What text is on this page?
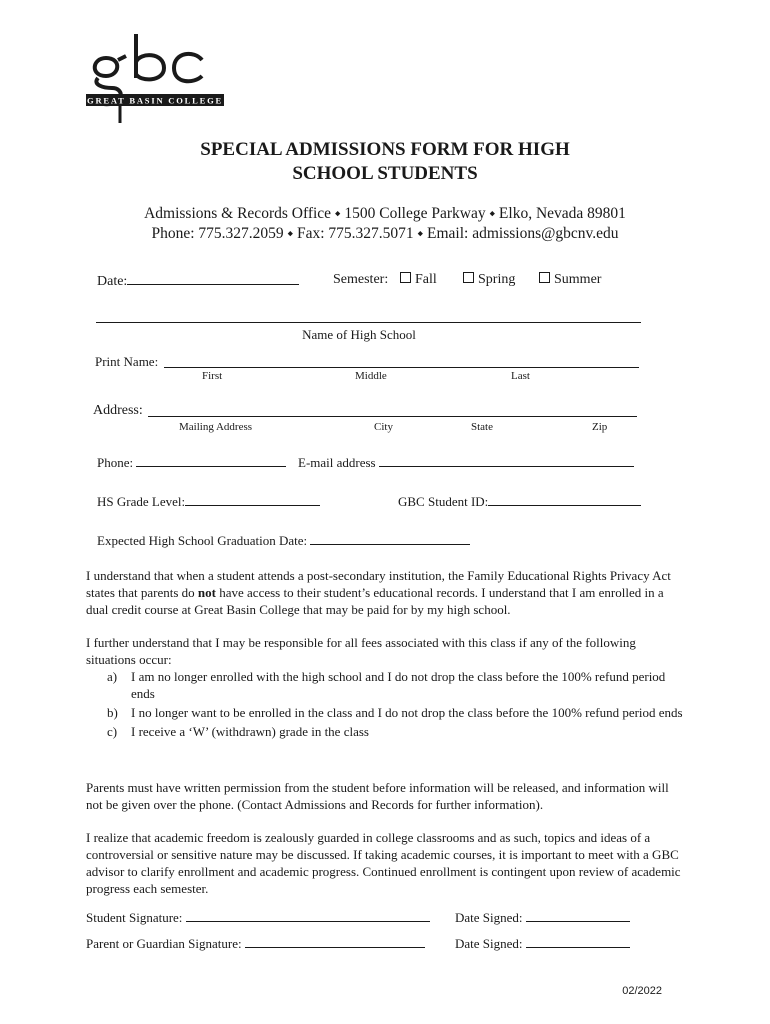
GREAT BASIN COLLEGE
SPECIAL ADMISSIONS FORM FOR HIGH
SCHOOL STUDENTS
Admissions & Records Office ⬩ 1500 College Parkway ⬩ Elko, Nevada 89801
Phone: 775.327.2059 ⬩ Fax: 775.327.5071 ⬩ Email: admissions@gbcnv.edu
Date:	Semester:	Fall	Spring	Summer
Name of High School
Print Name:
First	Middle	Last
Address:
Mailing Address	City	State	Zip
Phone:	E-mail address
HS Grade Level:	GBC Student ID:
Expected High School Graduation Date:

I understand that when a student attends a post-secondary institution, the Family Educational Rights Privacy Act states that parents do not have access to their student’s educational records. I understand that I am enrolled in a dual credit course at Great Basin College that may be paid for by my high school.

I further understand that I may be responsible for all fees associated with this class if any of the following situations occur:

a) I am no longer enrolled with the high school and I do not drop the class before the 100% refund period ends
b) I no longer want to be enrolled in the class and I do not drop the class before the 100% refund period ends
c) I receive a ‘W’ (withdrawn) grade in the class

Parents must have written permission from the student before information will be released, and information will not be given over the phone. (Contact Admissions and Records for further information).

I realize that academic freedom is zealously guarded in college classrooms and as such, topics and ideas of a controversial or sensitive nature may be discussed. If taking academic courses, it is important to meet with a GBC advisor to clarify enrollment and academic progress. Continued enrollment is contingent upon review of academic progress each semester.

Student Signature:	Date Signed:
Parent or Guardian Signature:	Date Signed:
02/2022
